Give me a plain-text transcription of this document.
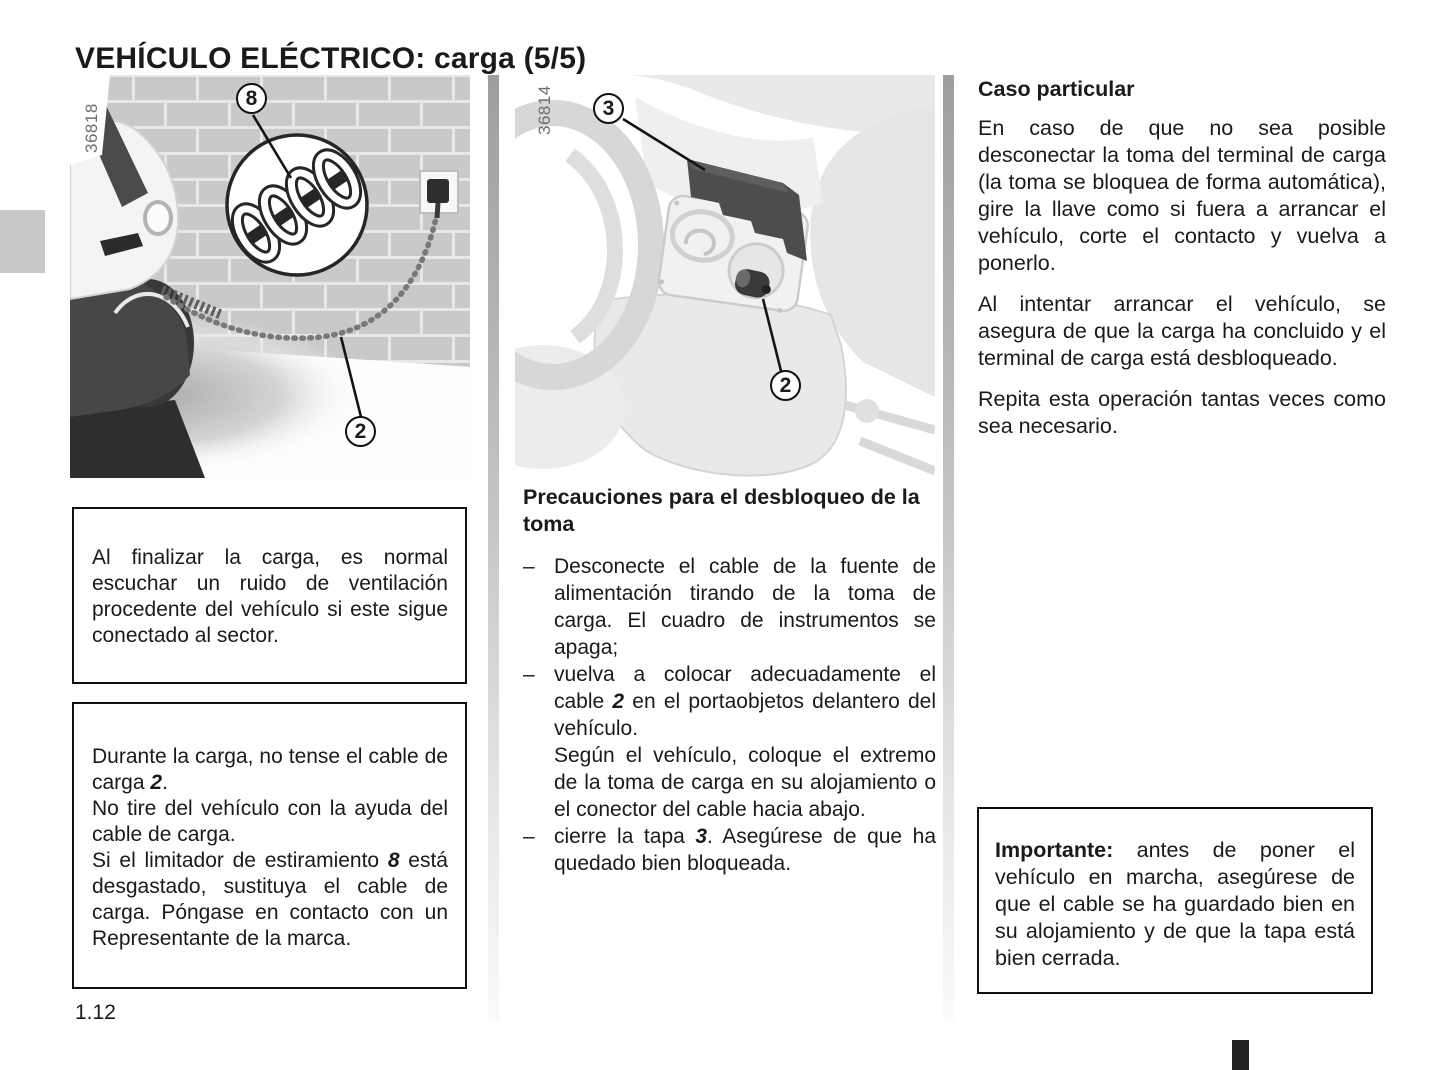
VEHÍCULO ELÉCTRICO: carga (5/5)
36818
8
2
36814 3
2
Al finalizar la carga, es normal escuchar un ruido de ventilación procedente del vehículo si este sigue conectado al sector.
Durante la carga, no tense el cable de carga 2.
No tire del vehículo con la ayuda del cable de carga.
Si el limitador de estiramiento 8 está desgastado, sustituya el cable de carga. Póngase en contacto con un Representante de la marca.
Precauciones para el desbloqueo de la toma
– Desconecte el cable de la fuente de alimentación tirando de la toma de carga. El cuadro de instrumentos se apaga;
– vuelva a colocar adecuadamente el cable 2 en el portaobjetos delantero del vehículo.
Según el vehículo, coloque el extremo de la toma de carga en su alojamiento o el conector del cable hacia abajo.
– cierre la tapa 3. Asegúrese de que ha quedado bien bloqueada.
Caso particular

En caso de que no sea posible desconectar la toma del terminal de carga (la toma se bloquea de forma automática), gire la llave como si fuera a arrancar el vehículo, corte el contacto y vuelva a ponerlo.

Al intentar arrancar el vehículo, se asegura de que la carga ha concluido y el terminal de carga está desbloqueado.

Repita esta operación tantas veces como sea necesario.

Importante: antes de poner el vehículo en marcha, asegúrese de que el cable se ha guardado bien en su alojamiento y de que la tapa está bien cerrada.
1.12
